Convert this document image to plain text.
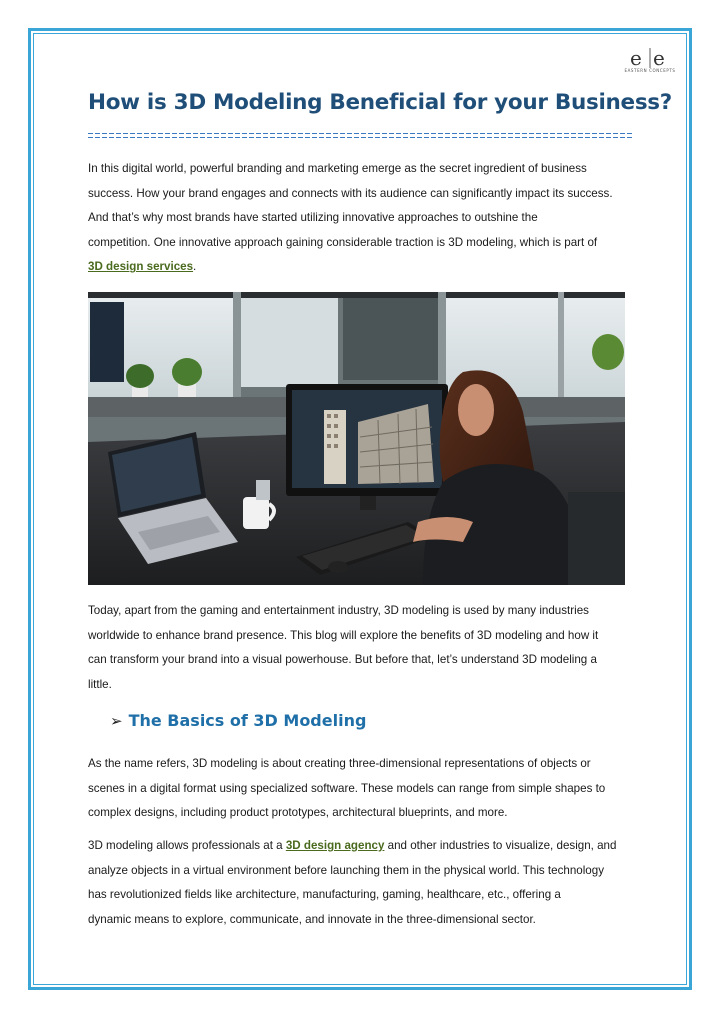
e e
EASTERN CONCEPTS
How is 3D Modeling Beneficial for your Business?
In this digital world, powerful branding and marketing emerge as the secret ingredient of business
success. How your brand engages and connects with its audience can significantly impact its success.
And that’s why most brands have started utilizing innovative approaches to outshine the
competition. One innovative approach gaining considerable traction is 3D modeling, which is part of
3D design services.
Today, apart from the gaming and entertainment industry, 3D modeling is used by many industries
worldwide to enhance brand presence. This blog will explore the benefits of 3D modeling and how it
can transform your brand into a visual powerhouse. But before that, let’s understand 3D modeling a
little.
➢ The Basics of 3D Modeling
As the name refers, 3D modeling is about creating three-dimensional representations of objects or
scenes in a digital format using specialized software. These models can range from simple shapes to
complex designs, including product prototypes, architectural blueprints, and more.
3D modeling allows professionals at a 3D design agency and other industries to visualize, design, and
analyze objects in a virtual environment before launching them in the physical world. This technology
has revolutionized fields like architecture, manufacturing, gaming, healthcare, etc., offering a
dynamic means to explore, communicate, and innovate in the three-dimensional sector.
